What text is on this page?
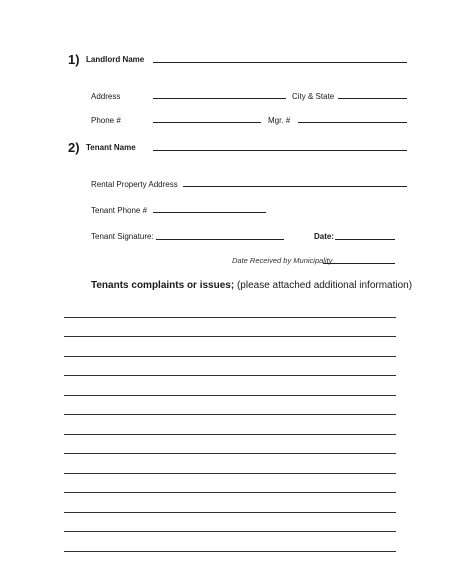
1) Landlord Name
Address	City & State
Phone #	Mgr. #
2) Tenant Name
Rental Property Address
Tenant Phone #
Tenant Signature:	Date:
Date Received by Municipality
Tenants complaints or issues; (please attached additional information)
